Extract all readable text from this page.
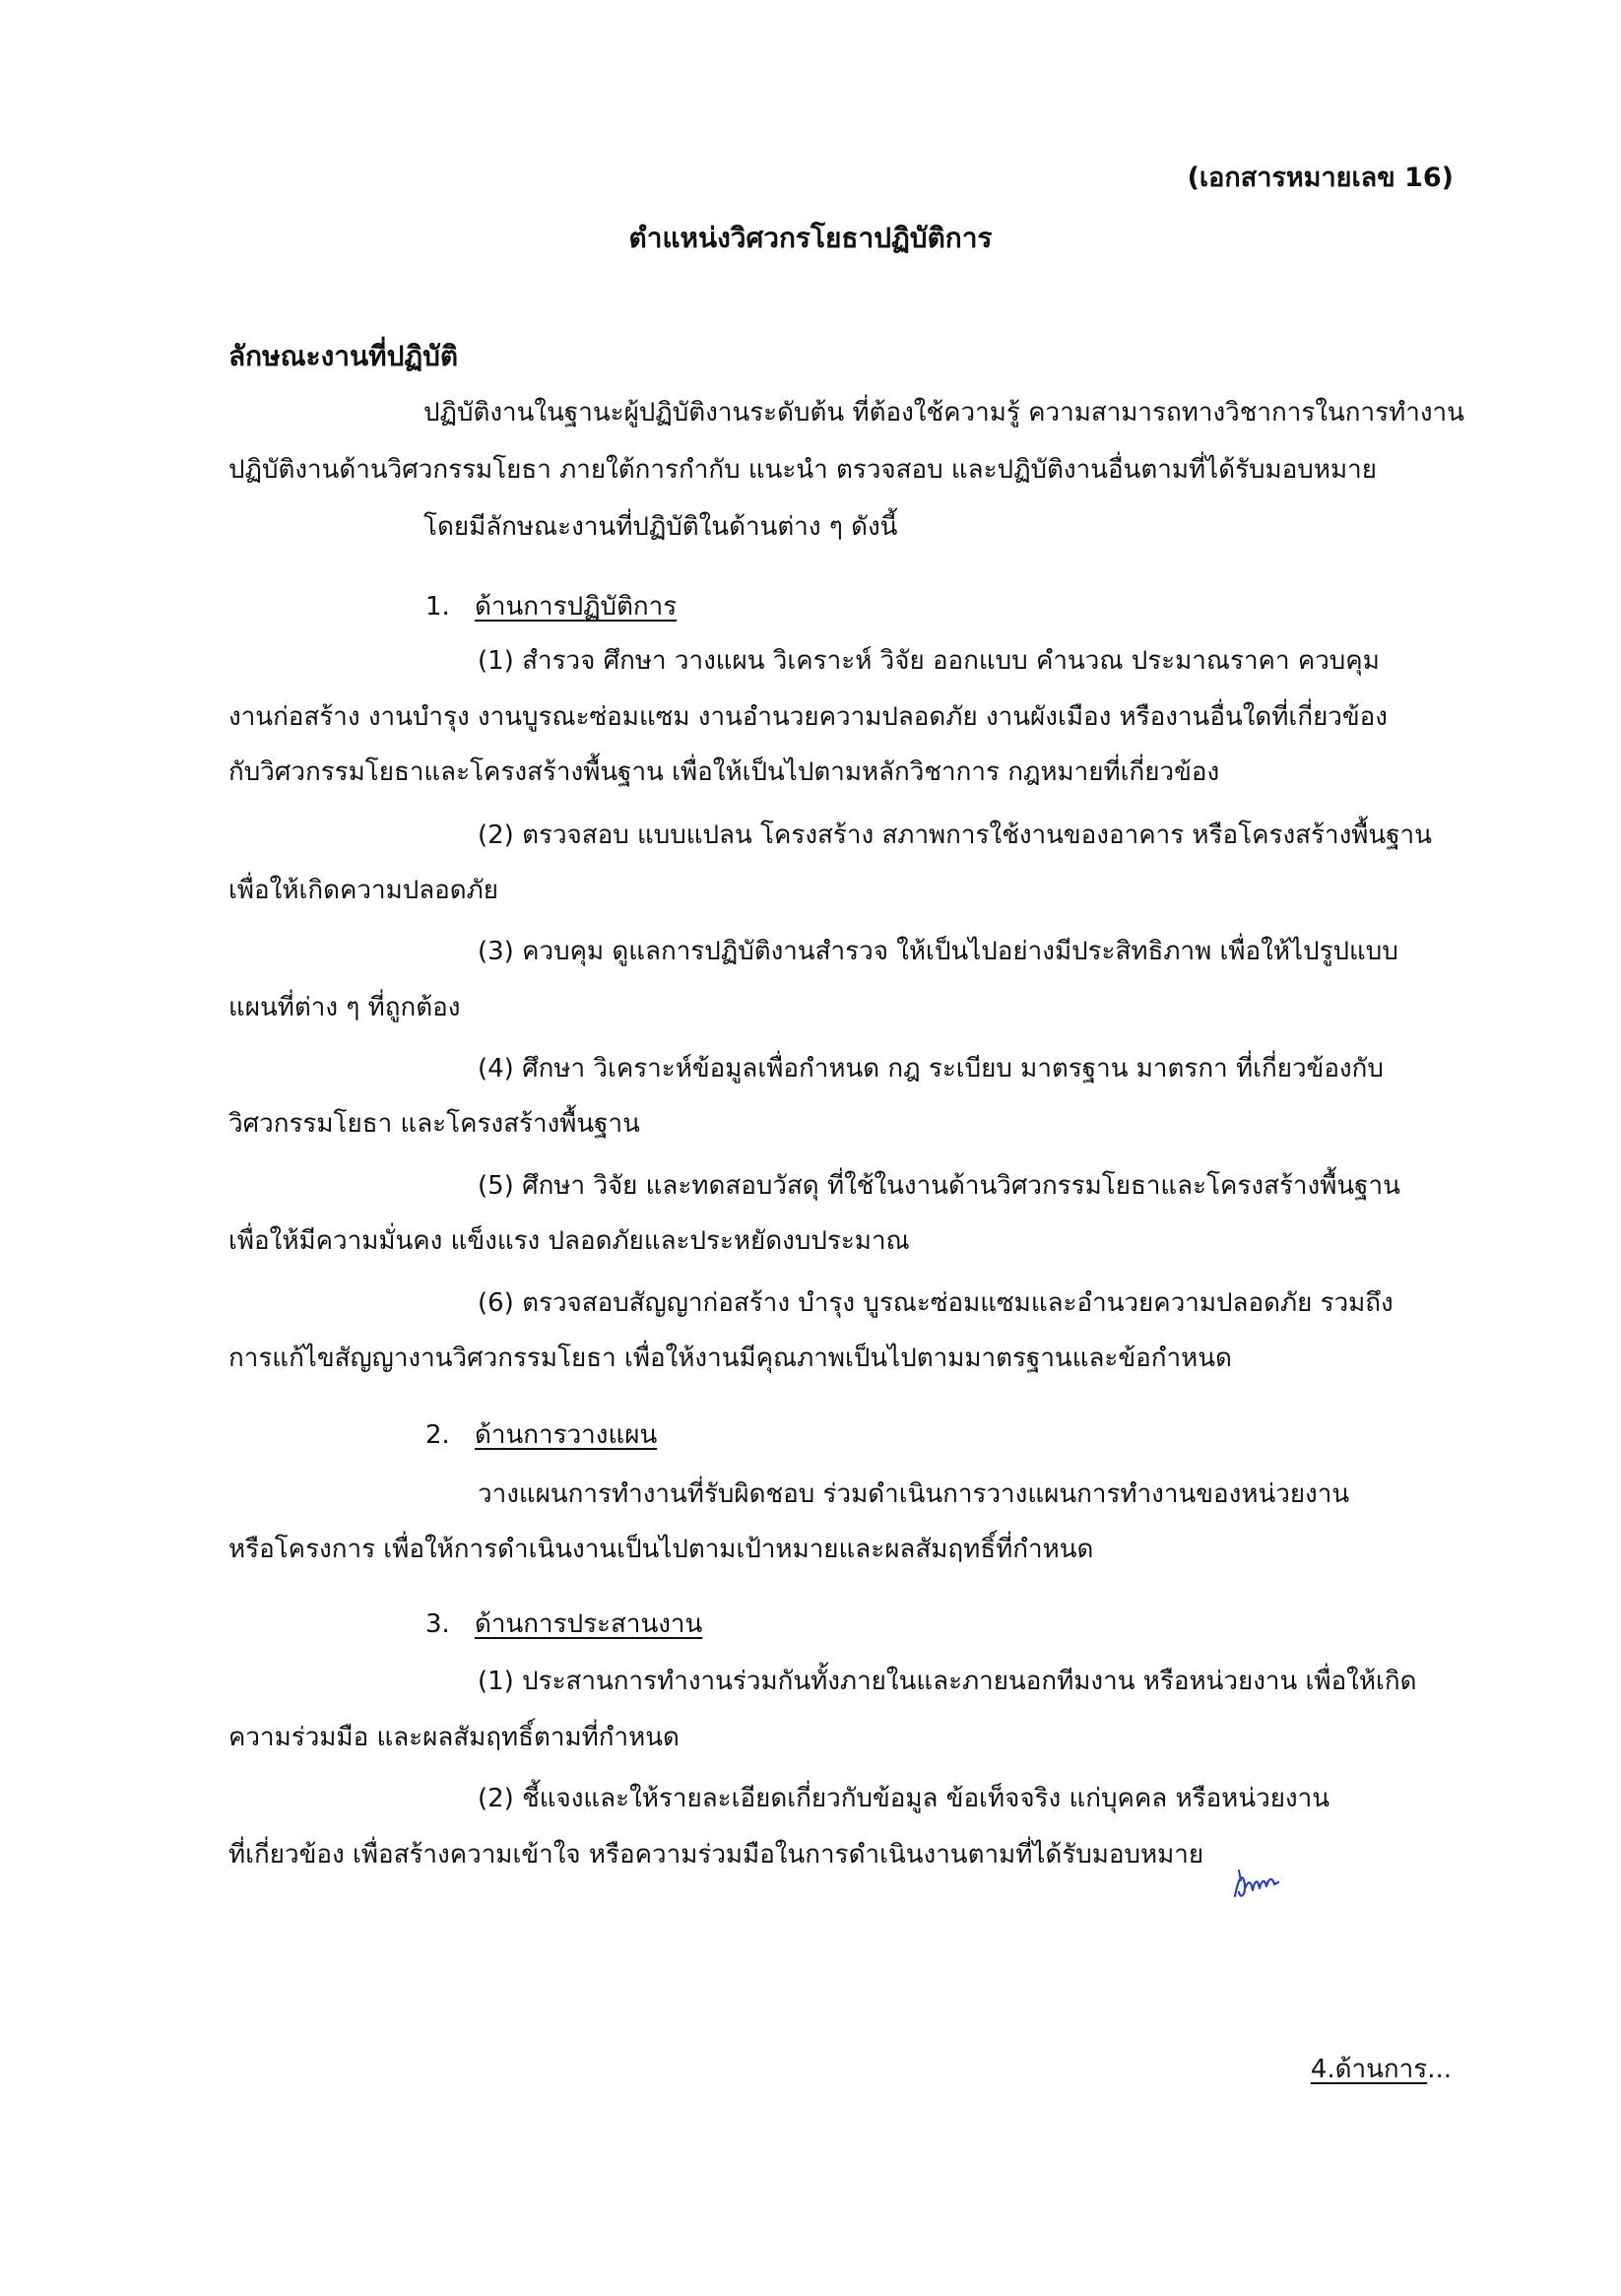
(เอกสารหมายเลข 16)
ตำแหน่งวิศวกรโยธาปฏิบัติการ
ลักษณะงานที่ปฏิบัติ
ปฏิบัติงานในฐานะผู้ปฏิบัติงานระดับต้น ที่ต้องใช้ความรู้ ความสามารถทางวิชาการในการทำงาน
ปฏิบัติงานด้านวิศวกรรมโยธา ภายใต้การกำกับ แนะนำ ตรวจสอบ และปฏิบัติงานอื่นตามที่ได้รับมอบหมาย
โดยมีลักษณะงานที่ปฏิบัติในด้านต่าง ๆ ดังนี้
1. ด้านการปฏิบัติการ
(1) สำรวจ ศึกษา วางแผน วิเคราะห์ วิจัย ออกแบบ คำนวณ ประมาณราคา ควบคุม
งานก่อสร้าง งานบำรุง งานบูรณะซ่อมแซม งานอำนวยความปลอดภัย งานผังเมือง หรืองานอื่นใดที่เกี่ยวข้อง
กับวิศวกรรมโยธาและโครงสร้างพื้นฐาน เพื่อให้เป็นไปตามหลักวิชาการ กฎหมายที่เกี่ยวข้อง
(2) ตรวจสอบ แบบแปลน โครงสร้าง สภาพการใช้งานของอาคาร หรือโครงสร้างพื้นฐาน
เพื่อให้เกิดความปลอดภัย
(3) ควบคุม ดูแลการปฏิบัติงานสำรวจ ให้เป็นไปอย่างมีประสิทธิภาพ เพื่อให้ไปรูปแบบ
แผนที่ต่าง ๆ ที่ถูกต้อง
(4) ศึกษา วิเคราะห์ข้อมูลเพื่อกำหนด กฎ ระเบียบ มาตรฐาน มาตรกา ที่เกี่ยวข้องกับ
วิศวกรรมโยธา และโครงสร้างพื้นฐาน
(5) ศึกษา วิจัย และทดสอบวัสดุ ที่ใช้ในงานด้านวิศวกรรมโยธาและโครงสร้างพื้นฐาน
เพื่อให้มีความมั่นคง แข็งแรง ปลอดภัยและประหยัดงบประมาณ
(6) ตรวจสอบสัญญาก่อสร้าง บำรุง บูรณะซ่อมแซมและอำนวยความปลอดภัย รวมถึง
การแก้ไขสัญญางานวิศวกรรมโยธา เพื่อให้งานมีคุณภาพเป็นไปตามมาตรฐานและข้อกำหนด
2. ด้านการวางแผน
วางแผนการทำงานที่รับผิดชอบ ร่วมดำเนินการวางแผนการทำงานของหน่วยงาน
หรือโครงการ เพื่อให้การดำเนินงานเป็นไปตามเป้าหมายและผลสัมฤทธิ์ที่กำหนด
3. ด้านการประสานงาน
(1) ประสานการทำงานร่วมกันทั้งภายในและภายนอกทีมงาน หรือหน่วยงาน เพื่อให้เกิด
ความร่วมมือ และผลสัมฤทธิ์ตามที่กำหนด
(2) ชี้แจงและให้รายละเอียดเกี่ยวกับข้อมูล ข้อเท็จจริง แก่บุคคล หรือหน่วยงาน
ที่เกี่ยวข้อง เพื่อสร้างความเข้าใจ หรือความร่วมมือในการดำเนินงานตามที่ได้รับมอบหมาย
4.ด้านการ...
